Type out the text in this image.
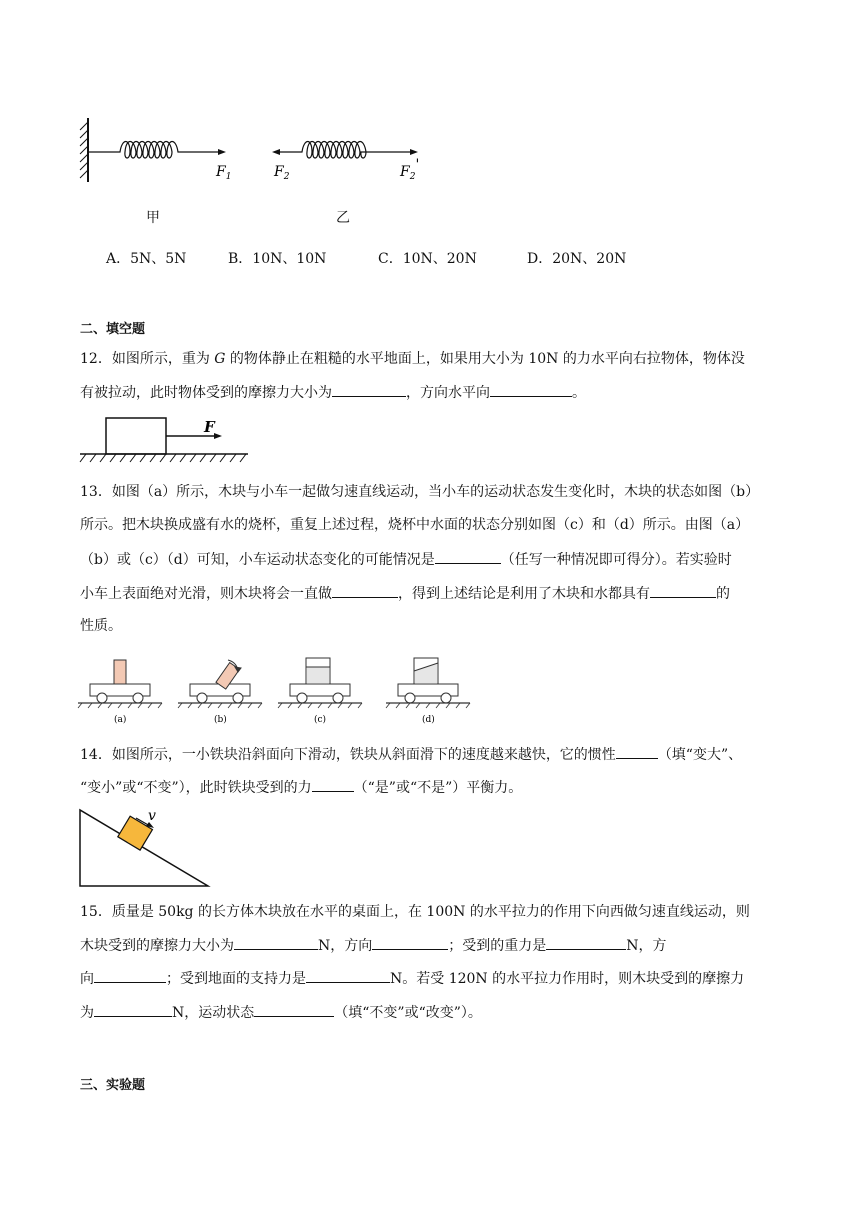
$F_1$	$F_2$	$F_2'$
甲	乙
A．5N、5N	B．10N、10N	C．10N、20N	D．20N、20N
二、填空题
12．如图所示，重为 G 的物体静止在粗糙的水平地面上，如果用大小为 10N 的力水平向右拉物体，物体没
有被拉动，此时物体受到的摩擦力大小为	，方向水平向	。
F
13．如图（a）所示，木块与小车一起做匀速直线运动，当小车的运动状态发生变化时，木块的状态如图（b）
所示。把木块换成盛有水的烧杯，重复上述过程，烧杯中水面的状态分别如图（c）和（d）所示。由图（a）
（b）或（c）（d）可知，小车运动状态变化的可能情况是	（任写一种情况即可得分）。若实验时
小车上表面绝对光滑，则木块将会一直做	，得到上述结论是利用了木块和水都具有	的
性质。
(a)	(b)	(c)	(d)
14．如图所示，一小铁块沿斜面向下滑动，铁块从斜面滑下的速度越来越快，它的惯性	（填“变大”、
“变小”或“不变”），此时铁块受到的力	（“是”或“不是”）平衡力。
v
15．质量是 50kg 的长方体木块放在水平的桌面上，在 100N 的水平拉力的作用下向西做匀速直线运动，则
木块受到的摩擦力大小为	N，方向	；受到的重力是	N，方
向	；受到地面的支持力是	N。若受 120N 的水平拉力作用时，则木块受到的摩擦力
为	N，运动状态	（填“不变”或“改变”）。
三、实验题
